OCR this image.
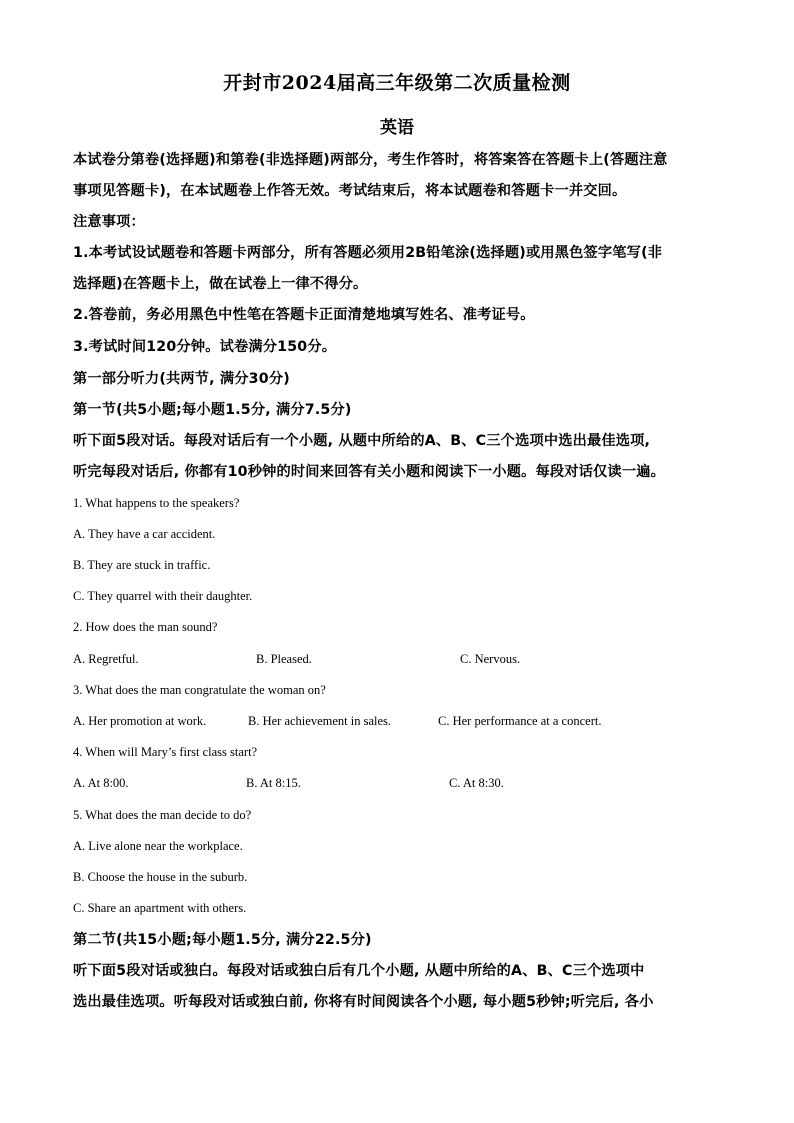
开封市2024届高三年级第二次质量检测
英语
本试卷分第卷(选择题)和第卷(非选择题)两部分，考生作答时，将答案答在答题卡上(答题注意
事项见答题卡)，在本试题卷上作答无效。考试结束后，将本试题卷和答题卡一并交回。
注意事项：
1.本考试设试题卷和答题卡两部分，所有答题必须用2B铅笔涂(选择题)或用黑色签字笔写(非
选择题)在答题卡上，做在试卷上一律不得分。
2.答卷前，务必用黑色中性笔在答题卡正面清楚地填写姓名、准考证号。
3.考试时间120分钟。试卷满分150分。
第一部分听力(共两节, 满分30分)
第一节(共5小题;每小题1.5分, 满分7.5分)
听下面5段对话。每段对话后有一个小题, 从题中所给的A、B、C三个选项中选出最佳选项,
听完每段对话后, 你都有10秒钟的时间来回答有关小题和阅读下一小题。每段对话仅读一遍。
1. What happens to the speakers?
A. They have a car accident.
B. They are stuck in traffic.
C. They quarrel with their daughter.
2. How does the man sound?
A. Regretful.	B. Pleased.	C. Nervous.
3. What does the man congratulate the woman on?
A. Her promotion at work.	B. Her achievement in sales.	C. Her performance at a concert.
4. When will Mary’s first class start?
A. At 8:00.	B. At 8:15.	C. At 8:30.
5. What does the man decide to do?
A. Live alone near the workplace.
B. Choose the house in the suburb.
C. Share an apartment with others.
第二节(共15小题;每小题1.5分, 满分22.5分)
听下面5段对话或独白。每段对话或独白后有几个小题, 从题中所给的A、B、C三个选项中
选出最佳选项。听每段对话或独白前, 你将有时间阅读各个小题, 每小题5秒钟;听完后, 各小
